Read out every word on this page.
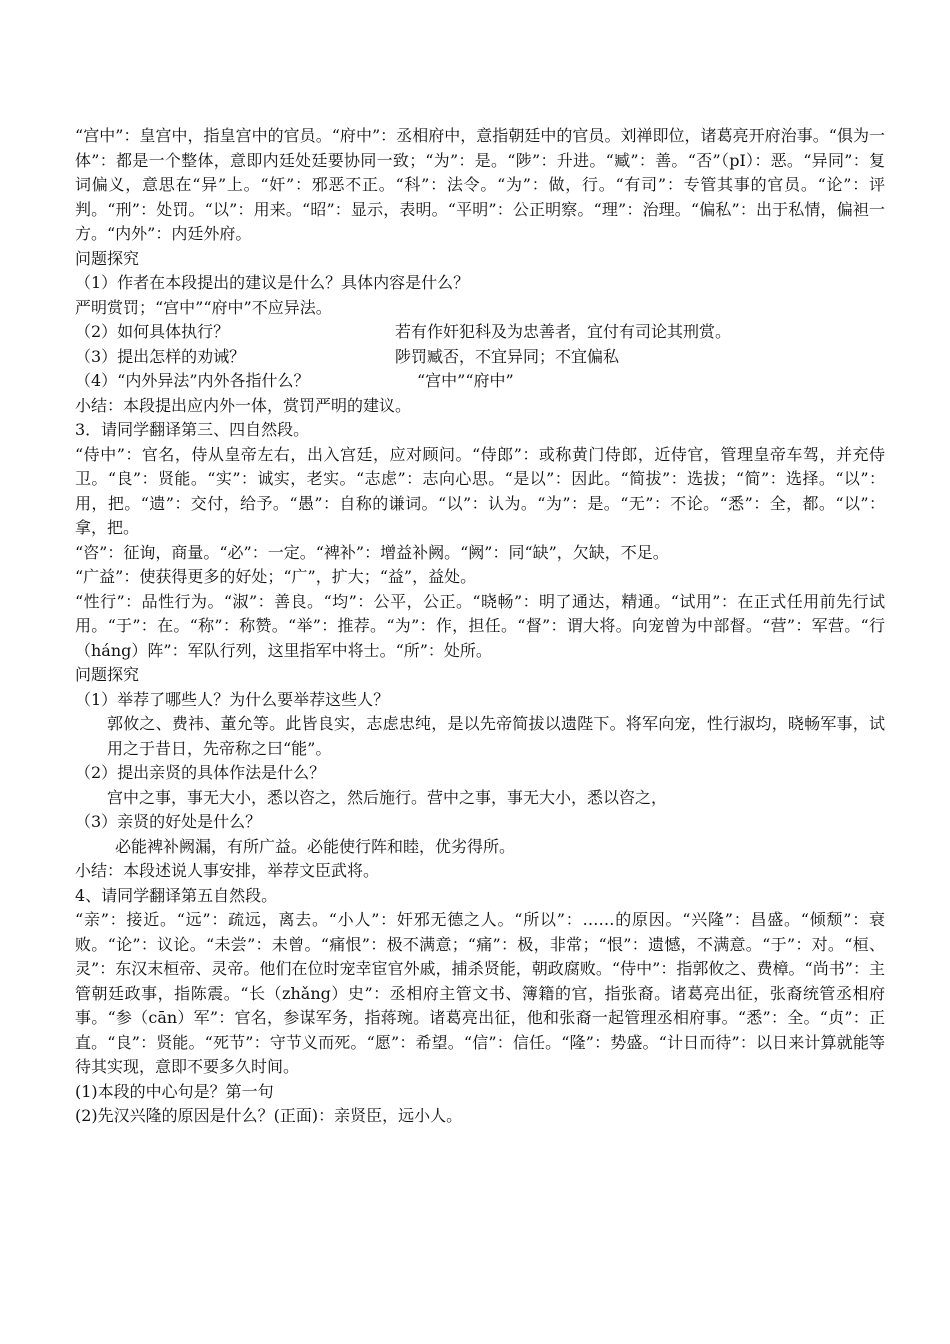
“宫中”：皇宫中，指皇宫中的官员。“府中”：丞相府中，意指朝廷中的官员。刘禅即位，诸葛亮开府治事。“俱为一体”：都是一个整体，意即内廷处廷要协同一致；“为”：是。“陟”：升进。“臧”：善。“否”（pI）：恶。“异同”：复词偏义，意思在“异”上。“奸”：邪恶不正。“科”：法令。“为”：做，行。“有司”：专管其事的官员。“论”：评判。“刑”：处罚。“以”：用来。“昭”：显示，表明。“平明”：公正明察。“理”：治理。“偏私”：出于私情，偏袒一方。“内外”：内廷外府。

问题探究

（1）作者在本段提出的建议是什么？具体内容是什么？

严明赏罚；“宫中”“府中”不应异法。

（2）如何具体执行？	若有作奸犯科及为忠善者，宜付有司论其刑赏。
（3）提出怎样的劝诫？	陟罚臧否，不宜异同；不宜偏私
（4）“内外异法”内外各指什么？	“宫中”“府中”

小结：本段提出应内外一体，赏罚严明的建议。

3．请同学翻译第三、四自然段。

“侍中”：官名，侍从皇帝左右，出入宫廷，应对顾问。“侍郎”：或称黄门侍郎，近侍官，管理皇帝车驾，并充侍卫。“良”：贤能。“实”：诚实，老实。“志虑”：志向心思。“是以”：因此。“简拔”：选拔；“简”：选择。“以”：用，把。“遗”：交付，给予。“愚”：自称的谦词。“以”：认为。“为”：是。“无”：不论。“悉”：全，都。“以”：拿，把。

“咨”：征询，商量。“必”：一定。“裨补”：增益补阙。“阙”：同“缺”，欠缺，不足。

“广益”：使获得更多的好处；“广”，扩大；“益”，益处。

“性行”：品性行为。“淑”：善良。“均”：公平，公正。“晓畅”：明了通达，精通。“试用”：在正式任用前先行试用。“于”：在。“称”：称赞。“举”：推荐。“为”：作，担任。“督”：谓大将。向宠曾为中部督。“营”：军营。“行（háng）阵”：军队行列，这里指军中将士。“所”：处所。

问题探究

（1）举荐了哪些人？为什么要举荐这些人？

郭攸之、费祎、董允等。此皆良实，志虑忠纯，是以先帝简拔以遗陛下。将军向宠，性行淑均，晓畅军事，试用之于昔日，先帝称之曰“能”。

（2）提出亲贤的具体作法是什么？

宫中之事，事无大小，悉以咨之，然后施行。营中之事，事无大小，悉以咨之，

（3）亲贤的好处是什么？

必能裨补阙漏，有所广益。必能使行阵和睦，优劣得所。

小结：本段述说人事安排，举荐文臣武将。

4、请同学翻译第五自然段。

“亲”：接近。“远”：疏远，离去。“小人”：奸邪无德之人。“所以”：……的原因。“兴隆”：昌盛。“倾颓”：衰败。“论”：议论。“未尝”：未曾。“痛恨”：极不满意；“痛”：极，非常；“恨”：遗憾，不满意。“于”：对。“桓、灵”：东汉末桓帝、灵帝。他们在位时宠幸宦官外戚，捕杀贤能，朝政腐败。“侍中”：指郭攸之、费樟。“尚书”：主管朝廷政事，指陈震。“长（zhǎng）史”：丞相府主管文书、簿籍的官，指张裔。诸葛亮出征，张裔统管丞相府事。“参（cān）军”：官名，参谋军务，指蒋琬。诸葛亮出征，他和张裔一起管理丞相府事。“悉”：全。“贞”：正直。“良”：贤能。“死节”：守节义而死。“愿”：希望。“信”：信任。“隆”：势盛。“计日而待”：以日来计算就能等待其实现，意即不要多久时间。

(1)本段的中心句是？第一句

(2)先汉兴隆的原因是什么？(正面)：亲贤臣，远小人。
